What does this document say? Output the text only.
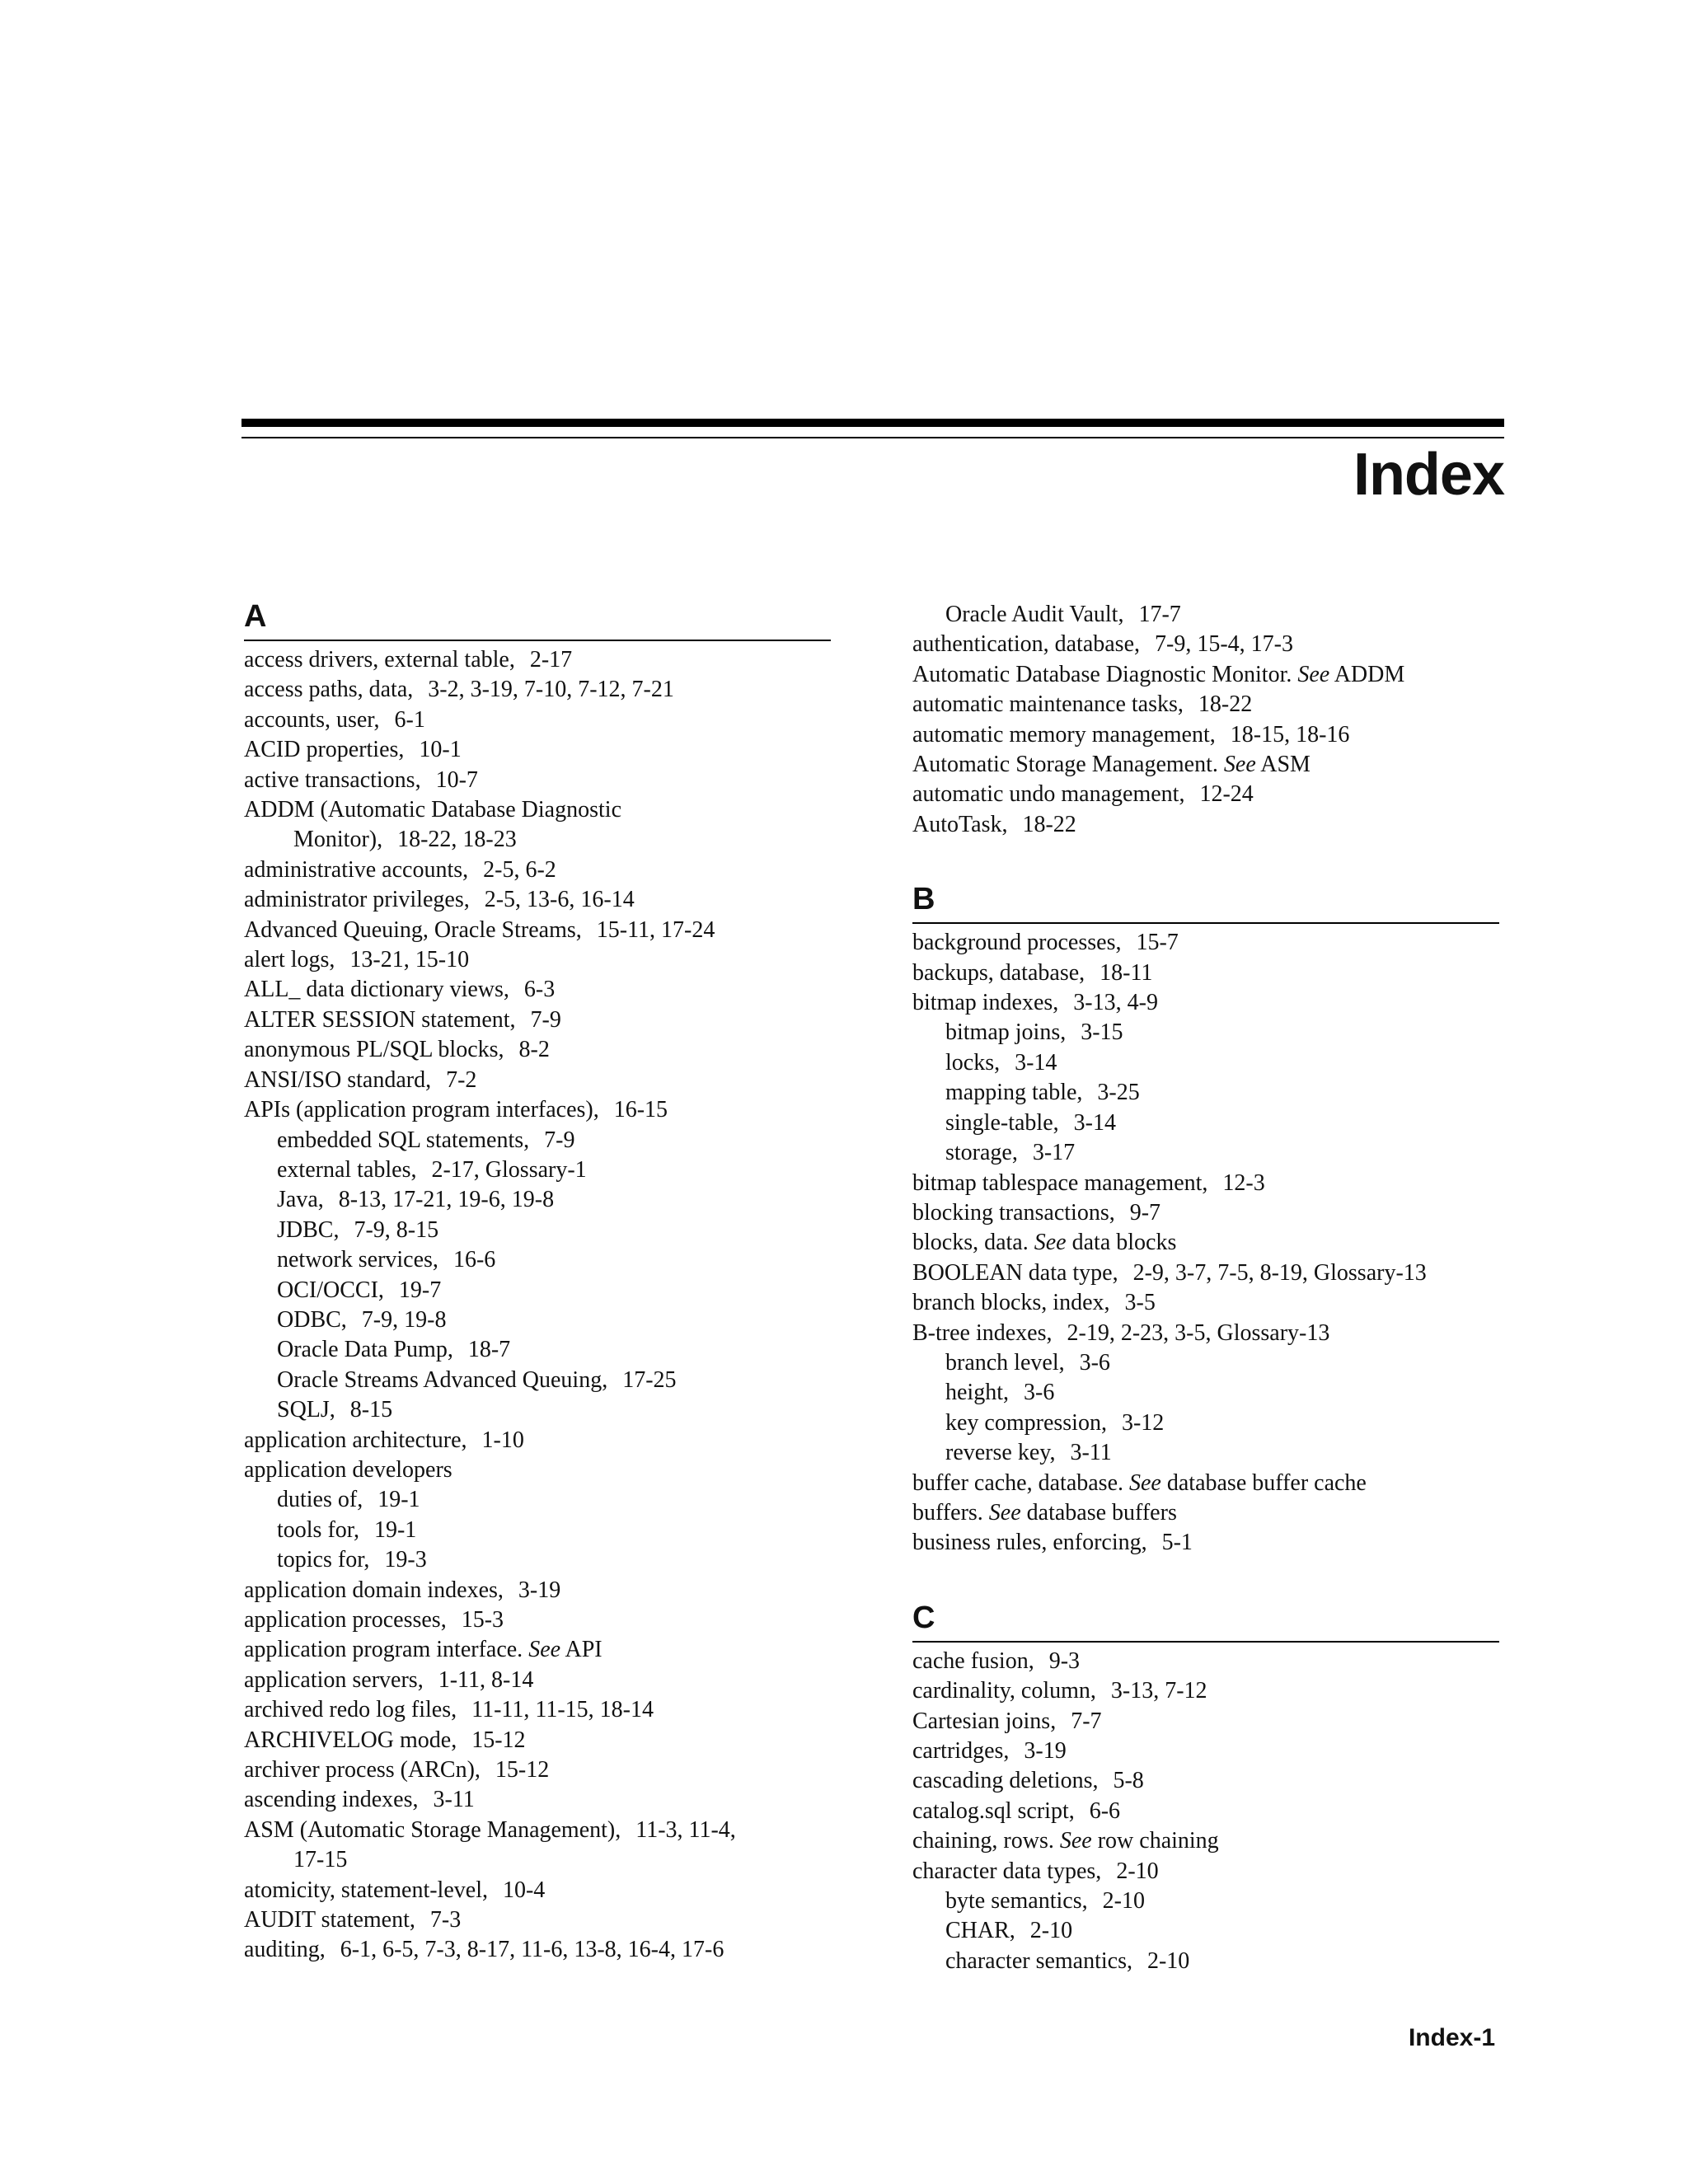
Index
A
access drivers, external table, 2-17
access paths, data, 3-2, 3-19, 7-10, 7-12, 7-21
accounts, user, 6-1
ACID properties, 10-1
active transactions, 10-7
ADDM (Automatic Database Diagnostic
Monitor), 18-22, 18-23
administrative accounts, 2-5, 6-2
administrator privileges, 2-5, 13-6, 16-14
Advanced Queuing, Oracle Streams, 15-11, 17-24
alert logs, 13-21, 15-10
ALL_ data dictionary views, 6-3
ALTER SESSION statement, 7-9
anonymous PL/SQL blocks, 8-2
ANSI/ISO standard, 7-2
APIs (application program interfaces), 16-15
embedded SQL statements, 7-9
external tables, 2-17, Glossary-1
Java, 8-13, 17-21, 19-6, 19-8
JDBC, 7-9, 8-15
network services, 16-6
OCI/OCCI, 19-7
ODBC, 7-9, 19-8
Oracle Data Pump, 18-7
Oracle Streams Advanced Queuing, 17-25
SQLJ, 8-15
application architecture, 1-10
application developers
duties of, 19-1
tools for, 19-1
topics for, 19-3
application domain indexes, 3-19
application processes, 15-3
application program interface. See API
application servers, 1-11, 8-14
archived redo log files, 11-11, 11-15, 18-14
ARCHIVELOG mode, 15-12
archiver process (ARCn), 15-12
ascending indexes, 3-11
ASM (Automatic Storage Management), 11-3, 11-4,
17-15
atomicity, statement-level, 10-4
AUDIT statement, 7-3
auditing, 6-1, 6-5, 7-3, 8-17, 11-6, 13-8, 16-4, 17-6
Oracle Audit Vault, 17-7
authentication, database, 7-9, 15-4, 17-3
Automatic Database Diagnostic Monitor. See ADDM
automatic maintenance tasks, 18-22
automatic memory management, 18-15, 18-16
Automatic Storage Management. See ASM
automatic undo management, 12-24
AutoTask, 18-22
B
background processes, 15-7
backups, database, 18-11
bitmap indexes, 3-13, 4-9
bitmap joins, 3-15
locks, 3-14
mapping table, 3-25
single-table, 3-14
storage, 3-17
bitmap tablespace management, 12-3
blocking transactions, 9-7
blocks, data. See data blocks
BOOLEAN data type, 2-9, 3-7, 7-5, 8-19, Glossary-13
branch blocks, index, 3-5
B-tree indexes, 2-19, 2-23, 3-5, Glossary-13
branch level, 3-6
height, 3-6
key compression, 3-12
reverse key, 3-11
buffer cache, database. See database buffer cache
buffers. See database buffers
business rules, enforcing, 5-1
C
cache fusion, 9-3
cardinality, column, 3-13, 7-12
Cartesian joins, 7-7
cartridges, 3-19
cascading deletions, 5-8
catalog.sql script, 6-6
chaining, rows. See row chaining
character data types, 2-10
byte semantics, 2-10
CHAR, 2-10
character semantics, 2-10
Index-1
